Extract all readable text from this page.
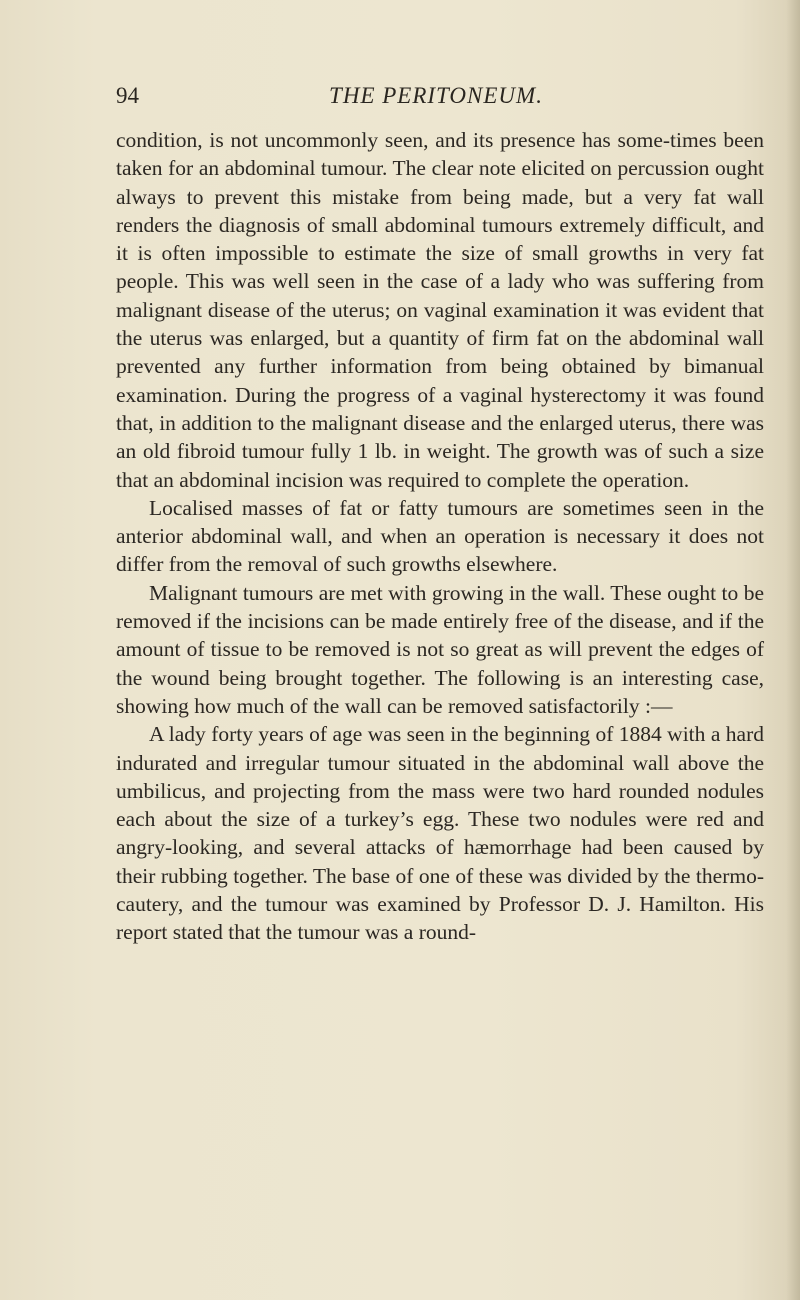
94	THE PERITONEUM.

condition, is not uncommonly seen, and its presence has some-times been taken for an abdominal tumour. The clear note elicited on percussion ought always to prevent this mistake from being made, but a very fat wall renders the diagnosis of small abdominal tumours extremely difficult, and it is often impossible to estimate the size of small growths in very fat people. This was well seen in the case of a lady who was suffering from malignant disease of the uterus; on vaginal examination it was evident that the uterus was enlarged, but a quantity of firm fat on the abdominal wall prevented any further information from being obtained by bimanual examination. During the progress of a vaginal hysterectomy it was found that, in addition to the malignant disease and the enlarged uterus, there was an old fibroid tumour fully 1 lb. in weight. The growth was of such a size that an abdominal incision was required to complete the operation.

Localised masses of fat or fatty tumours are sometimes seen in the anterior abdominal wall, and when an operation is necessary it does not differ from the removal of such growths elsewhere.

Malignant tumours are met with growing in the wall. These ought to be removed if the incisions can be made entirely free of the disease, and if the amount of tissue to be removed is not so great as will prevent the edges of the wound being brought together. The following is an interesting case, showing how much of the wall can be removed satisfactorily :—

A lady forty years of age was seen in the beginning of 1884 with a hard indurated and irregular tumour situated in the abdominal wall above the umbilicus, and projecting from the mass were two hard rounded nodules each about the size of a turkey’s egg. These two nodules were red and angry-looking, and several attacks of hæmorrhage had been caused by their rubbing together. The base of one of these was divided by the thermo-cautery, and the tumour was examined by Professor D. J. Hamilton. His report stated that the tumour was a round-
